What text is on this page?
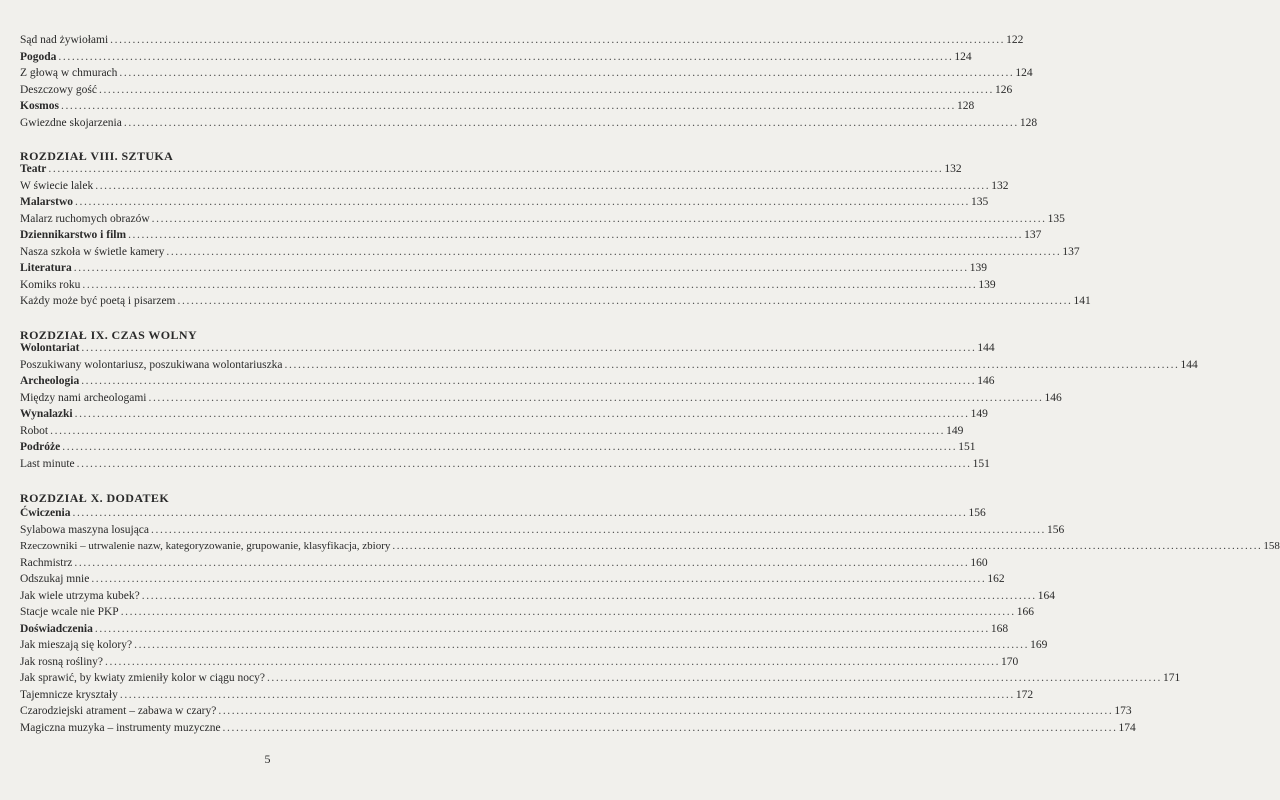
Sąd nad żywiołami ........................................................................................................................................................................................................ 122
Pogoda ........................................................................................................................................................................................................ 124
Z głową w chmurach ........................................................................................................................................................................................................ 124
Deszczowy gość ........................................................................................................................................................................................................ 126
Kosmos ........................................................................................................................................................................................................ 128
Gwiezdne skojarzenia ........................................................................................................................................................................................................ 128
ROZDZIAŁ VIII. SZTUKA
Teatr ........................................................................................................................................................................................................ 132
W świecie lalek ........................................................................................................................................................................................................ 132
Malarstwo ........................................................................................................................................................................................................ 135
Malarz ruchomych obrazów ........................................................................................................................................................................................................ 135
Dziennikarstwo i film ........................................................................................................................................................................................................ 137
Nasza szkoła w świetle kamery ........................................................................................................................................................................................................ 137
Literatura ........................................................................................................................................................................................................ 139
Komiks roku ........................................................................................................................................................................................................ 139
Każdy może być poetą i pisarzem ........................................................................................................................................................................................................ 141
ROZDZIAŁ IX. CZAS WOLNY
Wolontariat ........................................................................................................................................................................................................ 144
Poszukiwany wolontariusz, poszukiwana wolontariuszka ........................................................................................................................................................................................................ 144
Archeologia ........................................................................................................................................................................................................ 146
Między nami archeologami ........................................................................................................................................................................................................ 146
Wynalazki ........................................................................................................................................................................................................ 149
Robot ........................................................................................................................................................................................................ 149
Podróże ........................................................................................................................................................................................................ 151
Last minute ........................................................................................................................................................................................................ 151
ROZDZIAŁ X. DODATEK
Ćwiczenia ........................................................................................................................................................................................................ 156
Sylabowa maszyna losująca ........................................................................................................................................................................................................ 156
Rzeczowniki – utrwalenie nazw, kategoryzowanie, grupowanie, klasyfikacja, zbiory ........................................................................................................................................................................................................ 158
Rachmistrz ........................................................................................................................................................................................................ 160
Odszukaj mnie ........................................................................................................................................................................................................ 162
Jak wiele utrzyma kubek? ........................................................................................................................................................................................................ 164
Stacje wcale nie PKP ........................................................................................................................................................................................................ 166
Doświadczenia ........................................................................................................................................................................................................ 168
Jak mieszają się kolory? ........................................................................................................................................................................................................ 169
Jak rosną rośliny? ........................................................................................................................................................................................................ 170
Jak sprawić, by kwiaty zmieniły kolor w ciągu nocy? ........................................................................................................................................................................................................ 171
Tajemnicze kryształy ........................................................................................................................................................................................................ 172
Czarodziejski atrament – zabawa w czary? ........................................................................................................................................................................................................ 173
Magiczna muzyka – instrumenty muzyczne ........................................................................................................................................................................................................ 174
5
